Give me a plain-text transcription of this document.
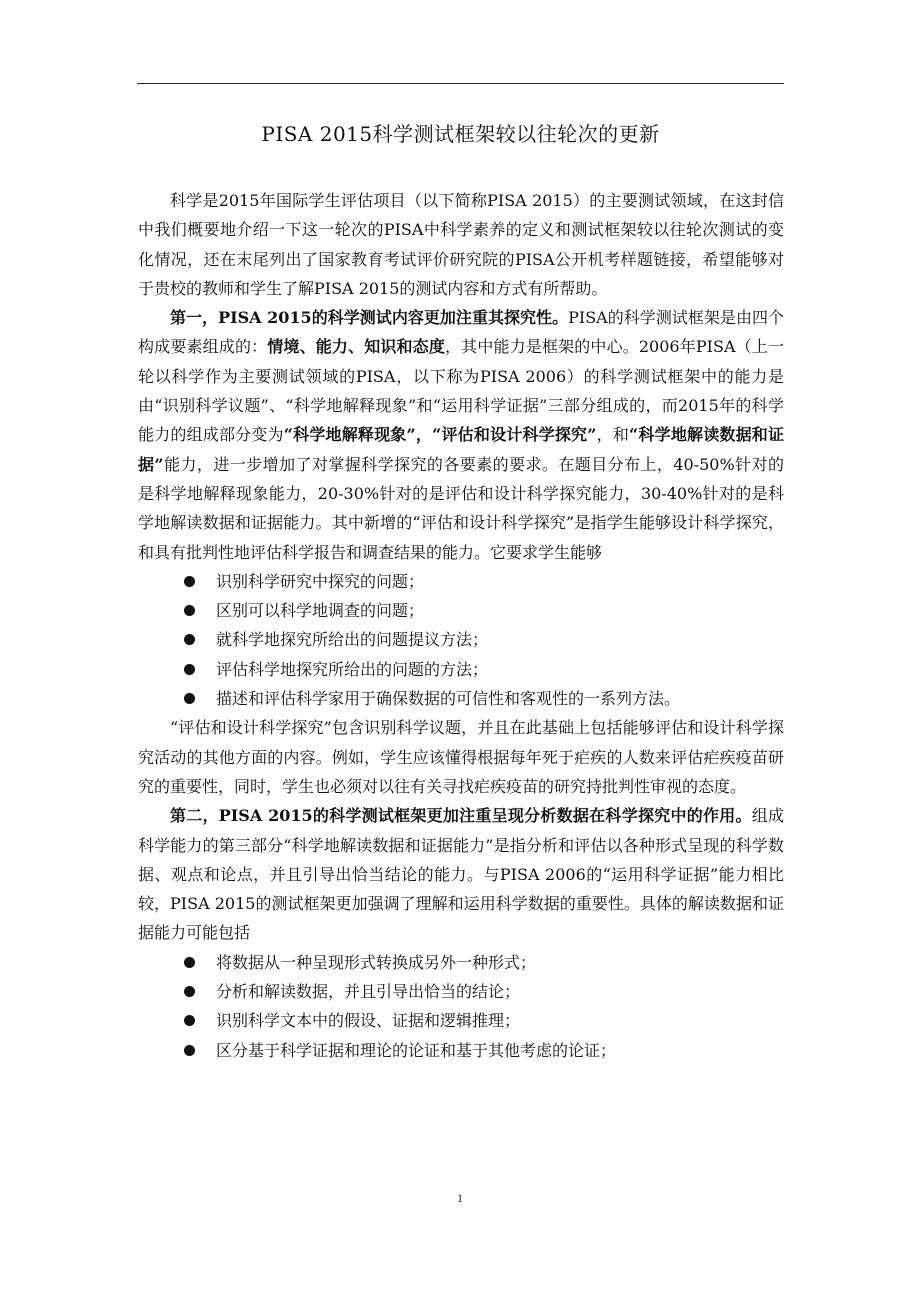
PISA 2015科学测试框架较以往轮次的更新

科学是2015年国际学生评估项目（以下简称PISA 2015）的主要测试领域，在这封信中我们概要地介绍一下这一轮次的PISA中科学素养的定义和测试框架较以往轮次测试的变化情况，还在末尾列出了国家教育考试评价研究院的PISA公开机考样题链接，希望能够对于贵校的教师和学生了解PISA 2015的测试内容和方式有所帮助。

第一，PISA 2015的科学测试内容更加注重其探究性。PISA的科学测试框架是由四个构成要素组成的：情境、能力、知识和态度，其中能力是框架的中心。2006年PISA（上一轮以科学作为主要测试领域的PISA，以下称为PISA 2006）的科学测试框架中的能力是由“识别科学议题”、“科学地解释现象”和“运用科学证据”三部分组成的，而2015年的科学能力的组成部分变为“科学地解释现象”，“评估和设计科学探究”，和“科学地解读数据和证据”能力，进一步增加了对掌握科学探究的各要素的要求。在题目分布上，40-50%针对的是科学地解释现象能力，20-30%针对的是评估和设计科学探究能力，30-40%针对的是科学地解读数据和证据能力。其中新增的“评估和设计科学探究”是指学生能够设计科学探究，和具有批判性地评估科学报告和调查结果的能力。它要求学生能够

识别科学研究中探究的问题；
区别可以科学地调查的问题；
就科学地探究所给出的问题提议方法；
评估科学地探究所给出的问题的方法；
描述和评估科学家用于确保数据的可信性和客观性的一系列方法。

“评估和设计科学探究”包含识别科学议题，并且在此基础上包括能够评估和设计科学探究活动的其他方面的内容。例如，学生应该懂得根据每年死于疟疾的人数来评估疟疾疫苗研究的重要性，同时，学生也必须对以往有关寻找疟疾疫苗的研究持批判性审视的态度。

第二，PISA 2015的科学测试框架更加注重呈现分析数据在科学探究中的作用。组成科学能力的第三部分“科学地解读数据和证据能力”是指分析和评估以各种形式呈现的科学数据、观点和论点，并且引导出恰当结论的能力。与PISA 2006的“运用科学证据”能力相比较，PISA 2015的测试框架更加强调了理解和运用科学数据的重要性。具体的解读数据和证据能力可能包括

将数据从一种呈现形式转换成另外一种形式；
分析和解读数据，并且引导出恰当的结论；
识别科学文本中的假设、证据和逻辑推理；
区分基于科学证据和理论的论证和基于其他考虑的论证；
1
